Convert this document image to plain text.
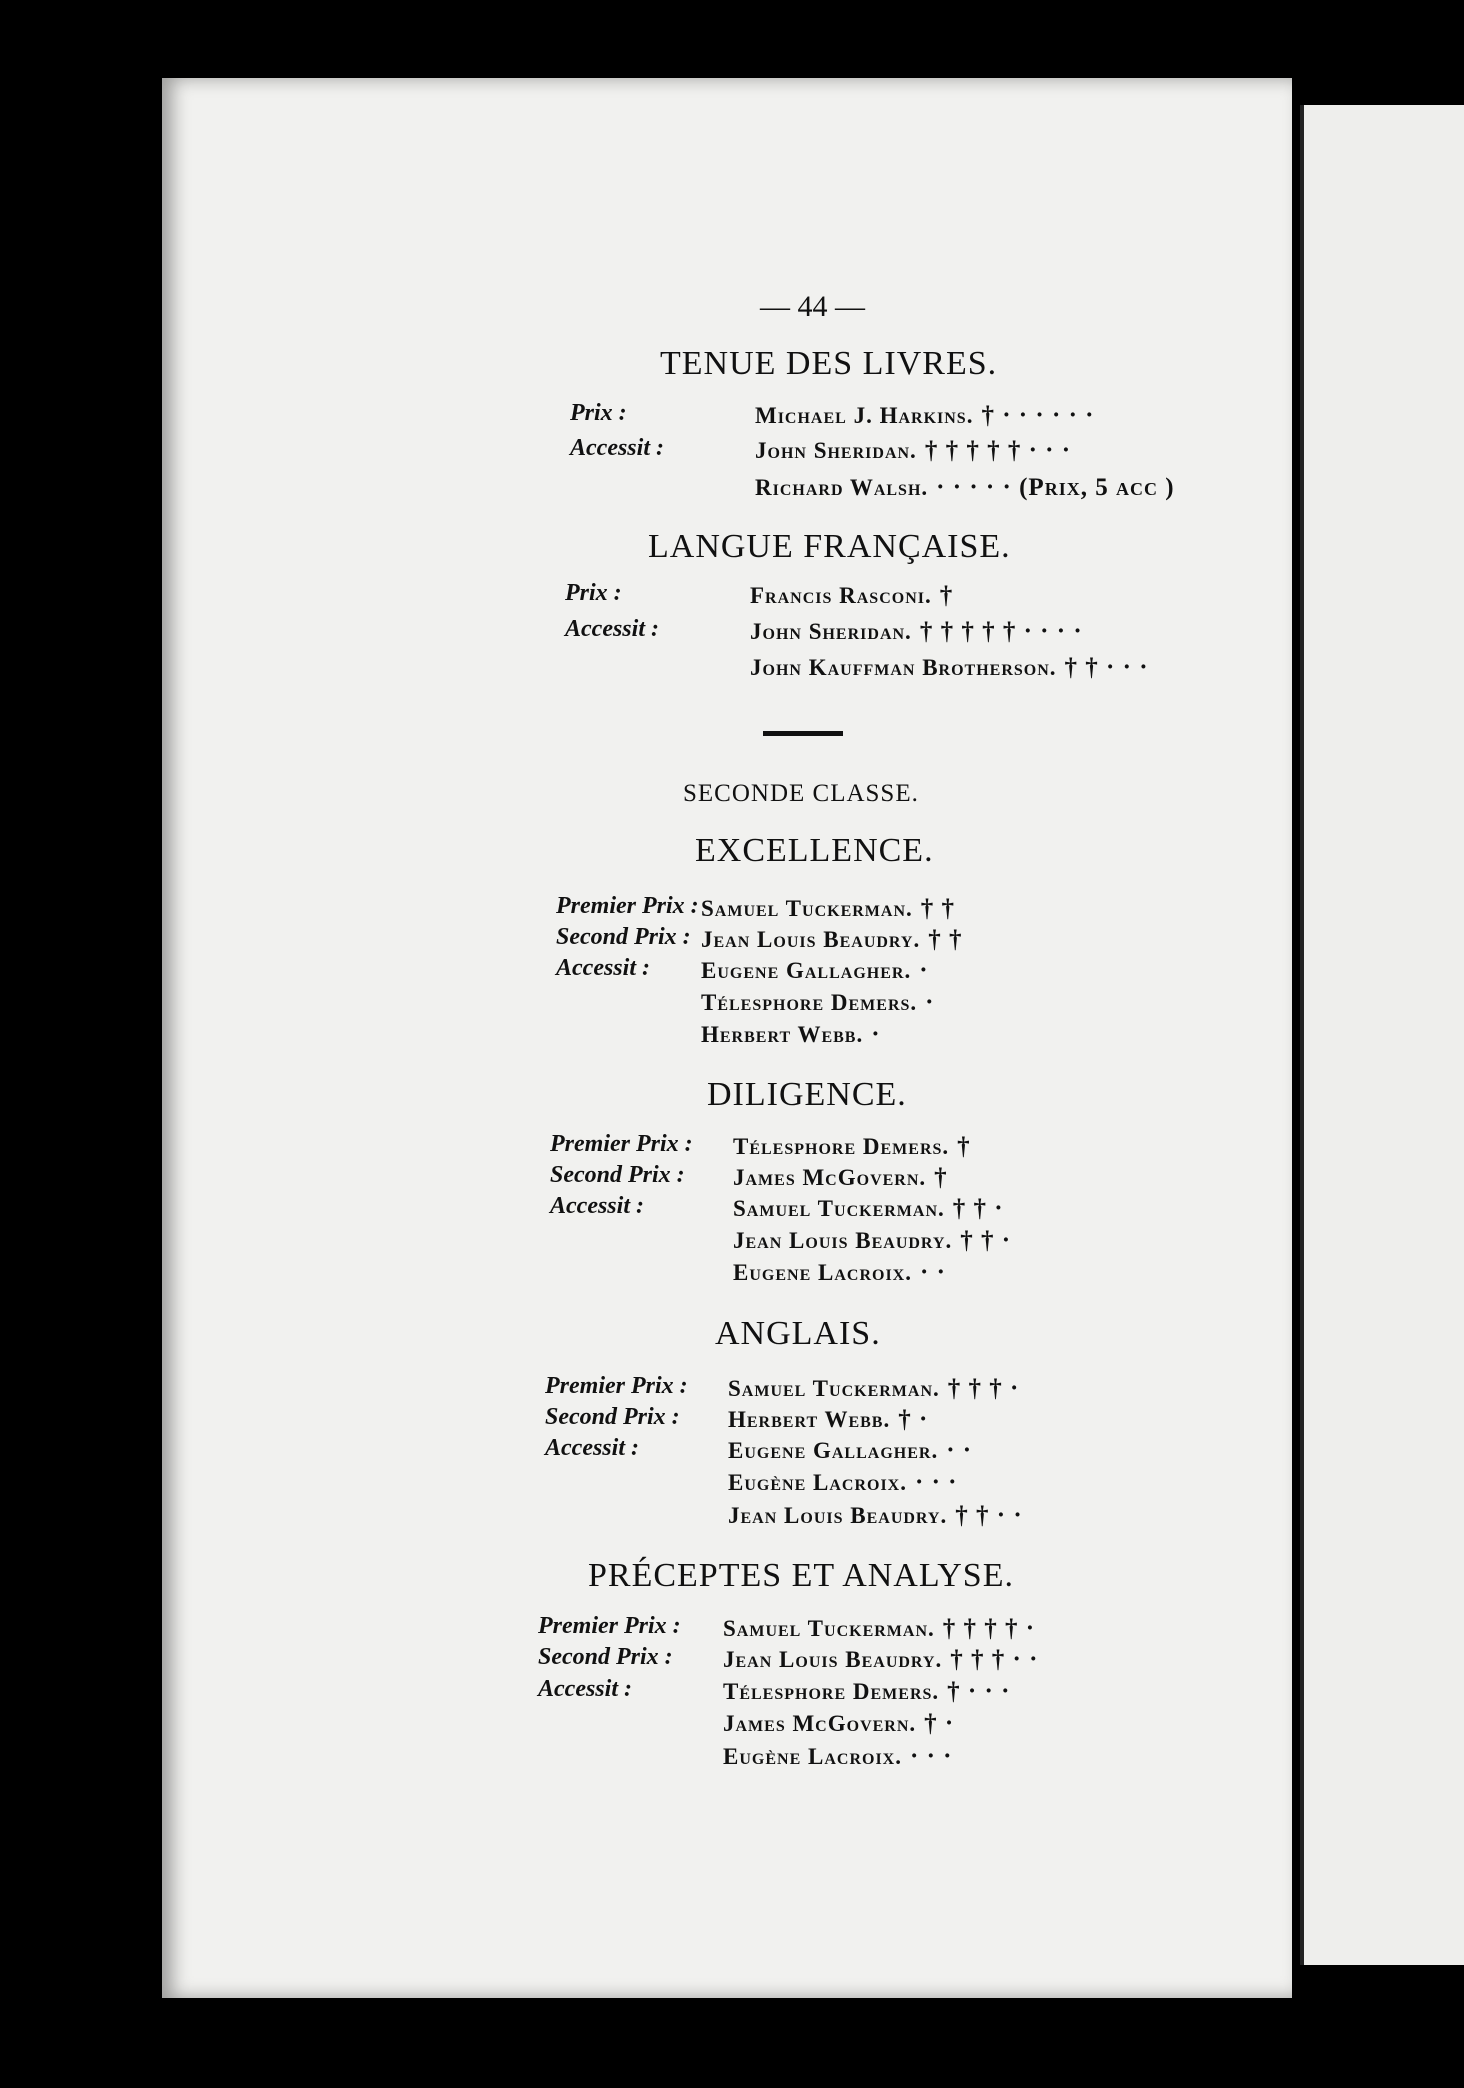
— 44 —
TENUE DES LIVRES.
Prix :	Michael J. Harkins. † · · · · · ·
Accessit :	John Sheridan. † † † † † · · ·
Richard Walsh. · · · · · (Prix, 5 acc )
LANGUE FRANÇAISE.
Prix :	Francis Rasconi. †
Accessit :	John Sheridan. † † † † † · · · ·
John Kauffman Brotherson. † † · · ·
SECONDE CLASSE.
EXCELLENCE.
Premier Prix : Samuel Tuckerman. † †
Second Prix : Jean Louis Beaudry. † †
Accessit : Eugene Gallagher. ·
Télesphore Demers. ·
Herbert Webb. ·
DILIGENCE.
Premier Prix : Télesphore Demers. †
Second Prix : James McGovern. †
Accessit :	Samuel Tuckerman. † † ·
Jean Louis Beaudry. † † ·
Eugene Lacroix. · ·
ANGLAIS.
Premier Prix : Samuel Tuckerman. † † † ·
Second Prix : Herbert Webb. † ·
Accessit :	Eugene Gallagher. · ·
Eugène Lacroix. · · ·
Jean Louis Beaudry. † † · ·
PRÉCEPTES ET ANALYSE.
Premier Prix : Samuel Tuckerman. † † † † ·
Second Prix : Jean Louis Beaudry. † † † · ·
Accessit :	Télesphore Demers. † · · ·
James McGovern. † ·
Eugène Lacroix. · · ·
